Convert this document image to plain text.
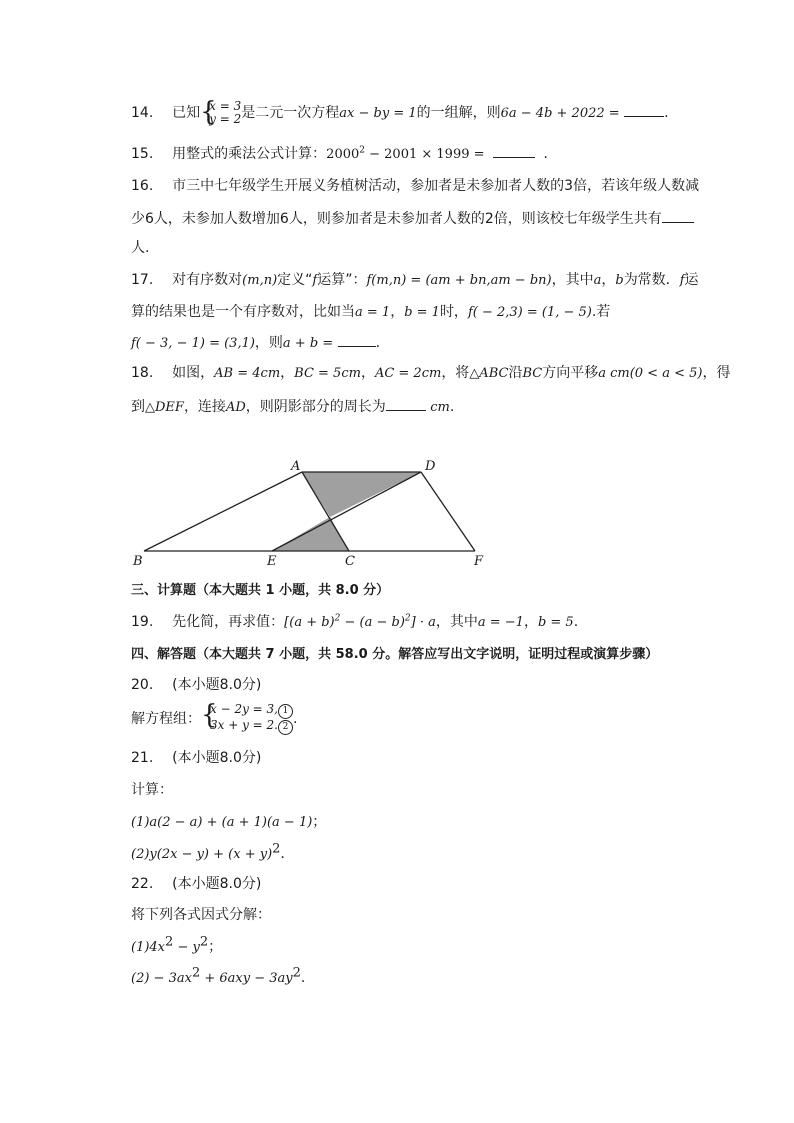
14. 已知 {
x = 3
y = 2是二元一次方程ax − by = 1的一组解，则6a − 4b + 2022 =	.
15. 用整式的乘法公式计算：$2000^2 - 2001 \times 1999$ =	.
16. 市三中七年级学生开展义务植树活动，参加者是未参加者人数的3倍，若该年级人数减
少6人，未参加人数增加6人，则参加者是未参加者人数的2倍，则该校七年级学生共有
人.
17. 对有序数对(m,n)定义“f运算”：f(m,n) = (am + bn,am − bn)，其中a，b为常数．f运
算的结果也是一个有序数对，比如当a = 1，b = 1时，f( − 2,3) = (1, − 5).若
f( − 3, − 1) = (3,1)，则a + b =	.
18. 如图，AB = 4cm，BC = 5cm，AC = 2cm，将△ABC沿BC方向平移a cm(0 < a < 5)，得
到△DEF，连接AD，则阴影部分的周长为	cm.
A	D
B	E	C	F
三、计算题（本大题共 1 小题，共 8.0 分）
19. 先化简，再求值：$[(a + b)^2 - (a - b)^2] \cdot a$，其中a = −1，b = 5.
四、解答题（本大题共 7 小题，共 58.0 分。解答应写出文字说明，证明过程或演算步骤）
20. (本小题8.0分)
解方程组： {
x − 2y = 3, 1
3x + y = 2. 2 .
21. (本小题8.0分)
计算：
(1)a(2 − a) + (a + 1)(a − 1)；
$(2)y(2x - y) + (x + y)^2$.
22. (本小题8.0分)
将下列各式因式分解：
$(1)4x^2 - y^2$；
$(2) - 3ax^2 + 6axy - 3ay^2$.
